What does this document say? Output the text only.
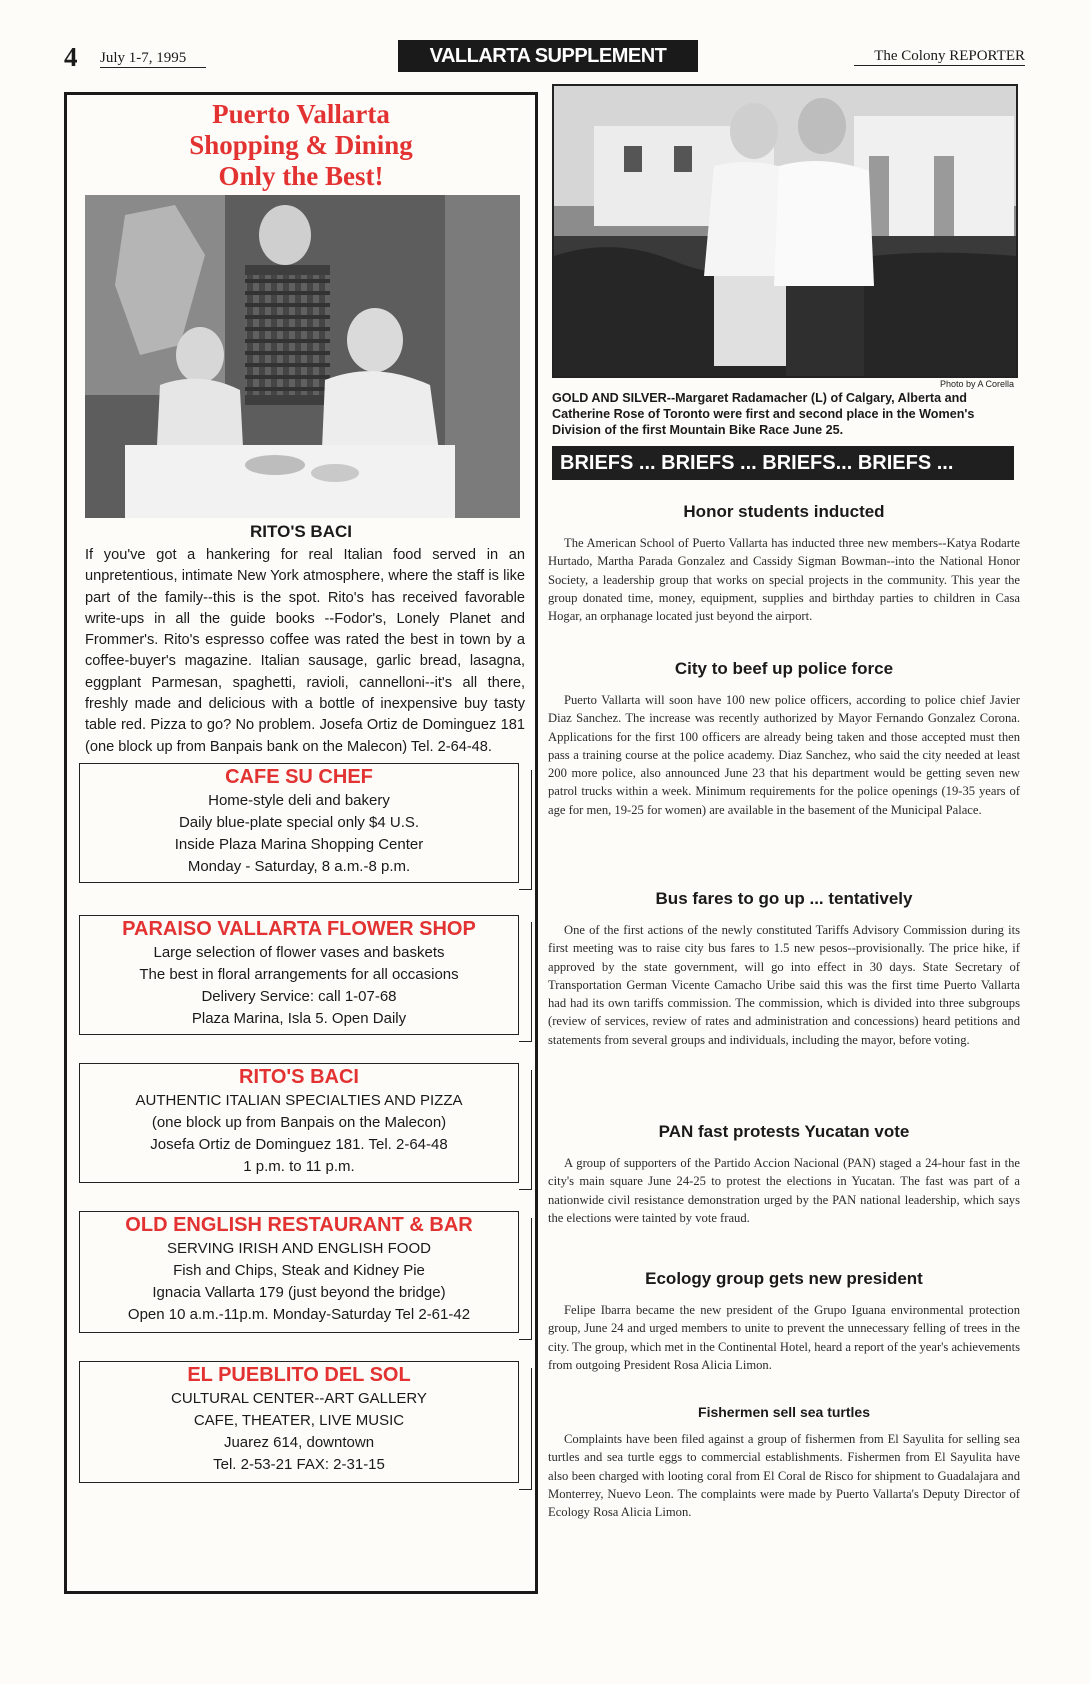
4 July 1-7, 1995	VALLARTA SUPPLEMENT	The Colony REPORTER
Puerto Vallarta
Shopping & Dining
Only the Best!
RITO'S BACI
If you've got a hankering for real Italian food served in an unpretentious, intimate New York atmosphere, where the staff is like part of the family--this is the spot. Rito's has received favorable write-ups in all the guide books --Fodor's, Lonely Planet and Frommer's. Rito's espresso coffee was rated the best in town by a coffee-buyer's magazine. Italian sausage, garlic bread, lasagna, eggplant Parmesan, spaghetti, ravioli, cannelloni--it's all there, freshly made and delicious with a bottle of inexpensive buy tasty table red. Pizza to go? No problem. Josefa Ortiz de Dominguez 181 (one block up from Banpais bank on the Malecon) Tel. 2-64-48.
CAFE SU CHEF
Home-style deli and bakery
Daily blue-plate special only $4 U.S.
Inside Plaza Marina Shopping Center
Monday - Saturday, 8 a.m.-8 p.m.
PARAISO VALLARTA FLOWER SHOP
Large selection of flower vases and baskets
The best in floral arrangements for all occasions
Delivery Service: call 1-07-68
Plaza Marina, Isla 5. Open Daily
RITO'S BACI
AUTHENTIC ITALIAN SPECIALTIES AND PIZZA
(one block up from Banpais on the Malecon)
Josefa Ortiz de Dominguez 181. Tel. 2-64-48
1 p.m. to 11 p.m.
OLD ENGLISH RESTAURANT & BAR
SERVING IRISH AND ENGLISH FOOD
Fish and Chips, Steak and Kidney Pie
Ignacia Vallarta 179 (just beyond the bridge)
Open 10 a.m.-11p.m. Monday-Saturday Tel 2-61-42
EL PUEBLITO DEL SOL
CULTURAL CENTER--ART GALLERY
CAFE, THEATER, LIVE MUSIC
Juarez 614, downtown
Tel. 2-53-21 FAX: 2-31-15
Photo by A Corella
GOLD AND SILVER--Margaret Radamacher (L) of Calgary, Alberta and Catherine Rose of Toronto were first and second place in the Women's Division of the first Mountain Bike Race June 25.
BRIEFS ... BRIEFS ... BRIEFS... BRIEFS ...
Honor students inducted
The American School of Puerto Vallarta has inducted three new members--Katya Rodarte Hurtado, Martha Parada Gonzalez and Cassidy Sigman Bowman--into the National Honor Society, a leadership group that works on special projects in the community. This year the group donated time, money, equipment, supplies and birthday parties to children in Casa Hogar, an orphanage located just beyond the airport.
City to beef up police force
Puerto Vallarta will soon have 100 new police officers, according to police chief Javier Diaz Sanchez. The increase was recently authorized by Mayor Fernando Gonzalez Corona. Applications for the first 100 officers are already being taken and those accepted must then pass a training course at the police academy. Diaz Sanchez, who said the city needed at least 200 more police, also announced June 23 that his department would be getting seven new patrol trucks within a week. Minimum requirements for the police openings (19-35 years of age for men, 19-25 for women) are available in the basement of the Municipal Palace.
Bus fares to go up ... tentatively
One of the first actions of the newly constituted Tariffs Advisory Commission during its first meeting was to raise city bus fares to 1.5 new pesos--provisionally. The price hike, if approved by the state government, will go into effect in 30 days. State Secretary of Transportation German Vicente Camacho Uribe said this was the first time Puerto Vallarta had had its own tariffs commission. The commission, which is divided into three subgroups (review of services, review of rates and administration and concessions) heard petitions and statements from several groups and individuals, including the mayor, before voting.
PAN fast protests Yucatan vote
A group of supporters of the Partido Accion Nacional (PAN) staged a 24-hour fast in the city's main square June 24-25 to protest the elections in Yucatan. The fast was part of a nationwide civil resistance demonstration urged by the PAN national leadership, which says the elections were tainted by vote fraud.
Ecology group gets new president
Felipe Ibarra became the new president of the Grupo Iguana environmental protection group, June 24 and urged members to unite to prevent the unnecessary felling of trees in the city. The group, which met in the Continental Hotel, heard a report of the year's achievements from outgoing President Rosa Alicia Limon.
Fishermen sell sea turtles
Complaints have been filed against a group of fishermen from El Sayulita for selling sea turtles and sea turtle eggs to commercial establishments. Fishermen from El Sayulita have also been charged with looting coral from El Coral de Risco for shipment to Guadalajara and Monterrey, Nuevo Leon. The complaints were made by Puerto Vallarta's Deputy Director of Ecology Rosa Alicia Limon.
